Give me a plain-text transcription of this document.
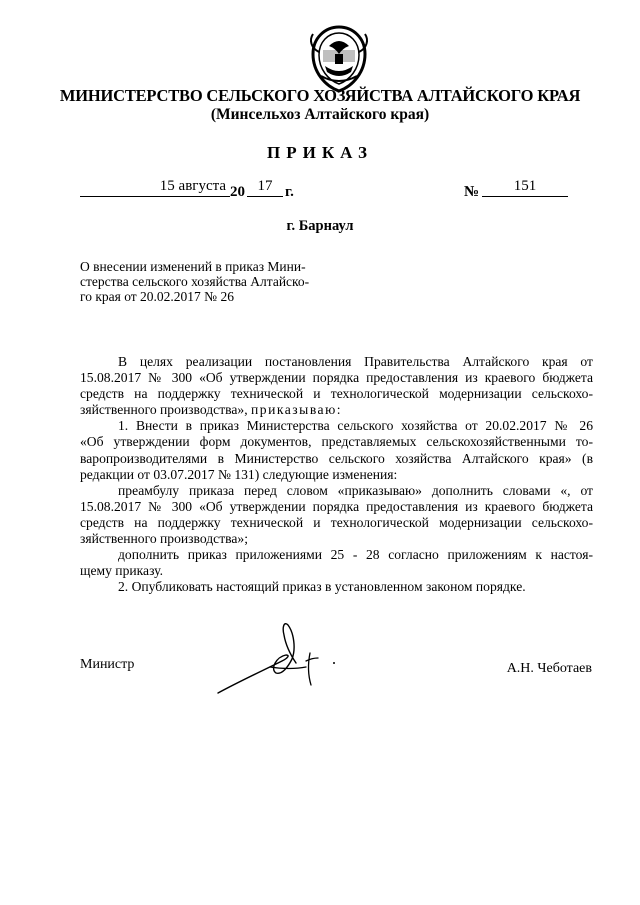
МИНИСТЕРСТВО СЕЛЬСКОГО ХОЗЯЙСТВА АЛТАЙСКОГО КРАЯ
(Минсельхоз Алтайского края)
ПРИКАЗ
15 августа 20 17 г.	№	151
г. Барнаул
О внесении изменений в приказ Мини-
стерства сельского хозяйства Алтайско-
го края от 20.02.2017 № 26
В целях реализации постановления Правительства Алтайского края от
15.08.2017 № 300 «Об утверждении порядка предоставления из краевого бюджета
средств на поддержку технической и технологической модернизации сельскохо-
зяйственного производства», приказываю:
1. Внести в приказ Министерства сельского хозяйства от 20.02.2017 № 26
«Об утверждении форм документов, представляемых сельскохозяйственными то-
варопроизводителями в Министерство сельского хозяйства Алтайского края» (в
редакции от 03.07.2017 № 131) следующие изменения:
преамбулу приказа перед словом «приказываю» дополнить словами «, от
15.08.2017 № 300 «Об утверждении порядка предоставления из краевого бюджета
средств на поддержку технической и технологической модернизации сельскохо-
зяйственного производства»;
дополнить приказ приложениями 25 - 28 согласно приложениям к настоя-
щему приказу.
2. Опубликовать настоящий приказ в установленном законом порядке.
Министр	А.Н. Чеботаев
